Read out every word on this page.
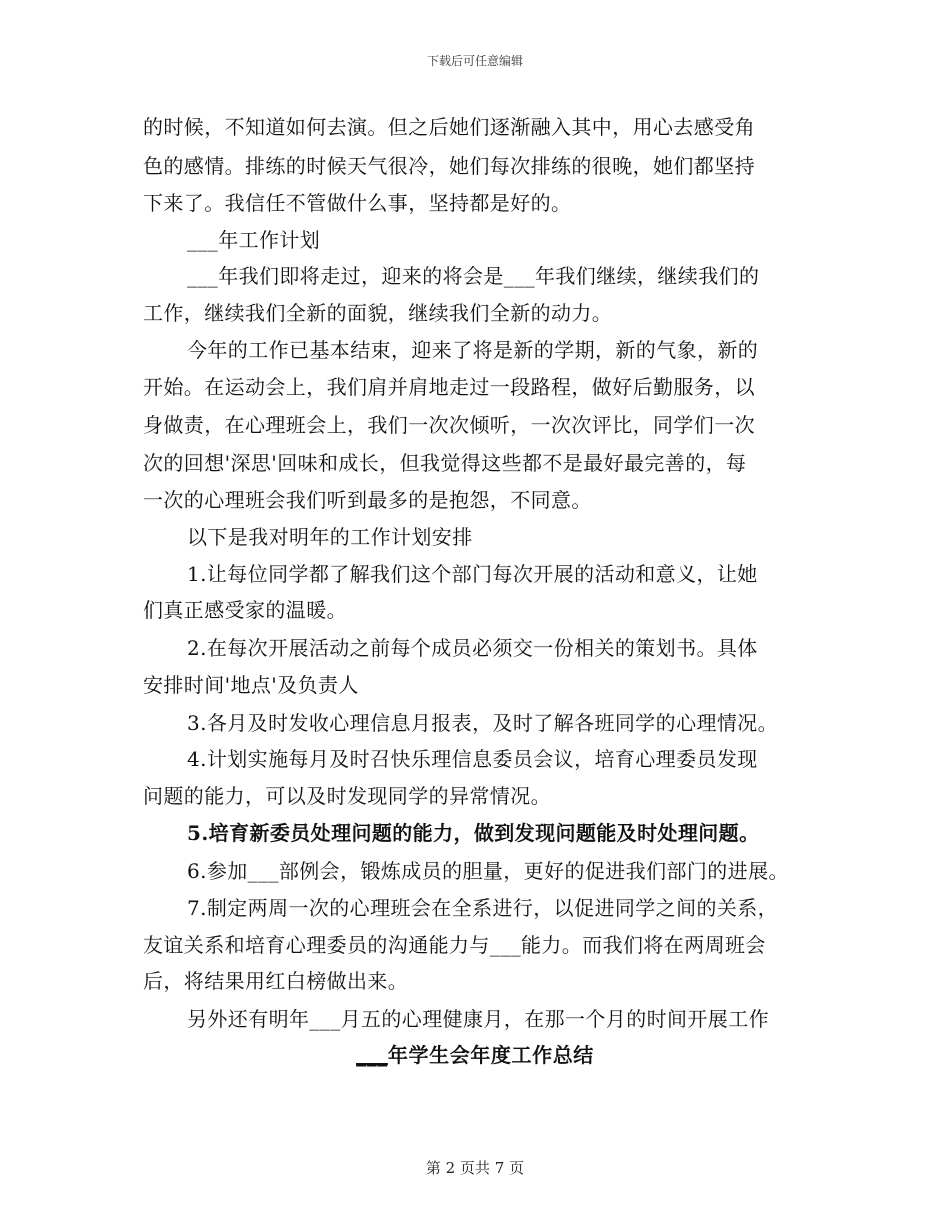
下载后可任意编辑
的时候，不知道如何去演。但之后她们逐渐融入其中，用心去感受角
色的感情。排练的时候天气很冷，她们每次排练的很晚，她们都坚持
下来了。我信任不管做什么事，坚持都是好的。
___年工作计划
___年我们即将走过，迎来的将会是___年我们继续，继续我们的
工作，继续我们全新的面貌，继续我们全新的动力。
今年的工作已基本结束，迎来了将是新的学期，新的气象，新的
开始。在运动会上，我们肩并肩地走过一段路程，做好后勤服务，以
身做责，在心理班会上，我们一次次倾听，一次次评比，同学们一次
次的回想'深思'回味和成长，但我觉得这些都不是最好最完善的，每
一次的心理班会我们听到最多的是抱怨，不同意。
以下是我对明年的工作计划安排
1.让每位同学都了解我们这个部门每次开展的活动和意义，让她
们真正感受家的温暖。
2.在每次开展活动之前每个成员必须交一份相关的策划书。具体
安排时间'地点'及负责人
3.各月及时发收心理信息月报表，及时了解各班同学的心理情况。
4.计划实施每月及时召快乐理信息委员会议，培育心理委员发现
问题的能力，可以及时发现同学的异常情况。
5.培育新委员处理问题的能力，做到发现问题能及时处理问题。
6.参加___部例会，锻炼成员的胆量，更好的促进我们部门的进展。
7.制定两周一次的心理班会在全系进行，以促进同学之间的关系，
友谊关系和培育心理委员的沟通能力与___能力。而我们将在两周班会
后，将结果用红白榜做出来。
另外还有明年___月五的心理健康月，在那一个月的时间开展工作
___年学生会年度工作总结
第 2 页共 7 页
